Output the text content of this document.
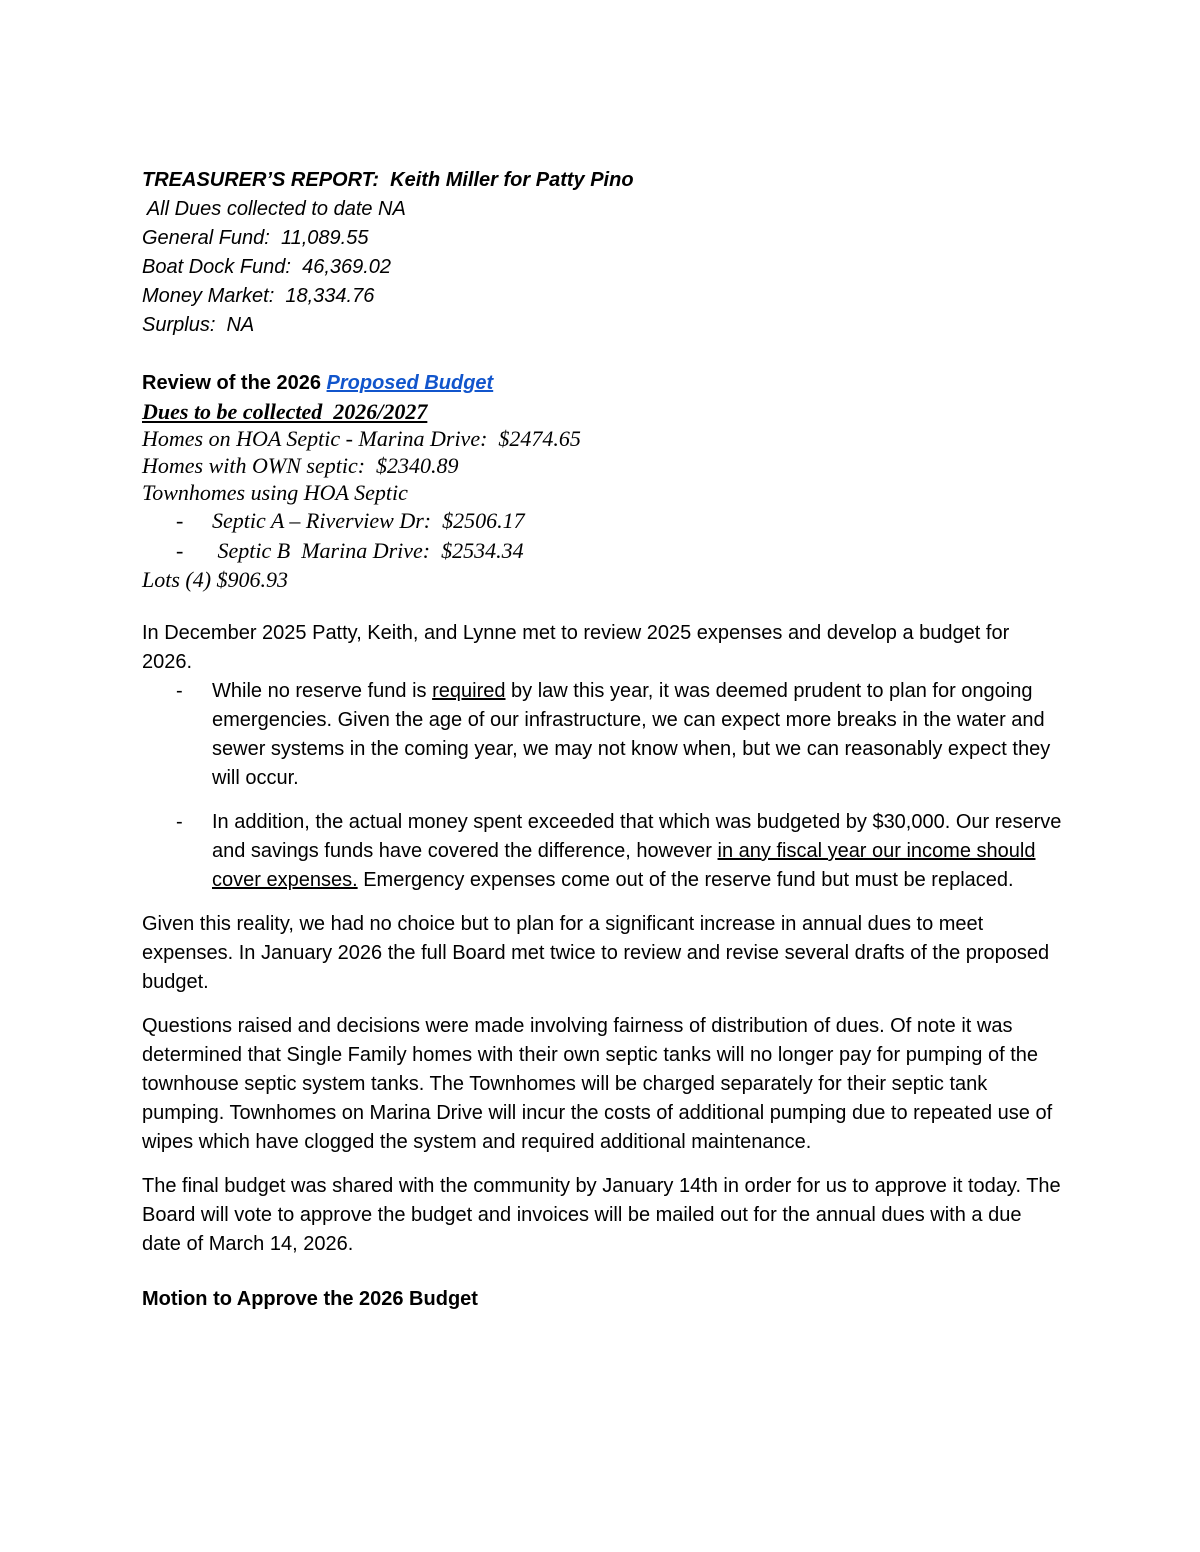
TREASURER’S REPORT:  Keith Miller for Patty Pino
All Dues collected to date NA
General Fund:  11,089.55
Boat Dock Fund:  46,369.02
Money Market:  18,334.76
Surplus:  NA
Review of the 2026 Proposed Budget
Dues to be collected  2026/2027
Homes on HOA Septic - Marina Drive:  $2474.65
Homes with OWN septic:  $2340.89
Townhomes using HOA Septic
-	Septic A – Riverview Dr:  $2506.17
-	Septic B  Marina Drive:  $2534.34
Lots (4) $906.93

In December 2025 Patty, Keith, and Lynne met to review 2025 expenses and develop a budget for 2026.

-	While no reserve fund is required by law this year, it was deemed prudent to plan for ongoing emergencies. Given the age of our infrastructure, we can expect more breaks in the water and sewer systems in the coming year, we may not know when, but we can reasonably expect they will occur.
-	In addition, the actual money spent exceeded that which was budgeted by $30,000. Our reserve and savings funds have covered the difference, however in any fiscal year our income should cover expenses. Emergency expenses come out of the reserve fund but must be replaced.

Given this reality, we had no choice but to plan for a significant increase in annual dues to meet expenses. In January 2026 the full Board met twice to review and revise several drafts of the proposed budget.

Questions raised and decisions were made involving fairness of distribution of dues. Of note it was determined that Single Family homes with their own septic tanks will no longer pay for pumping of the townhouse septic system tanks. The Townhomes will be charged separately for their septic tank pumping. Townhomes on Marina Drive will incur the costs of additional pumping due to repeated use of wipes which have clogged the system and required additional maintenance.

The final budget was shared with the community by January 14th in order for us to approve it today. The Board will vote to approve the budget and invoices will be mailed out for the annual dues with a due date of March 14, 2026.

Motion to Approve the 2026 Budget
